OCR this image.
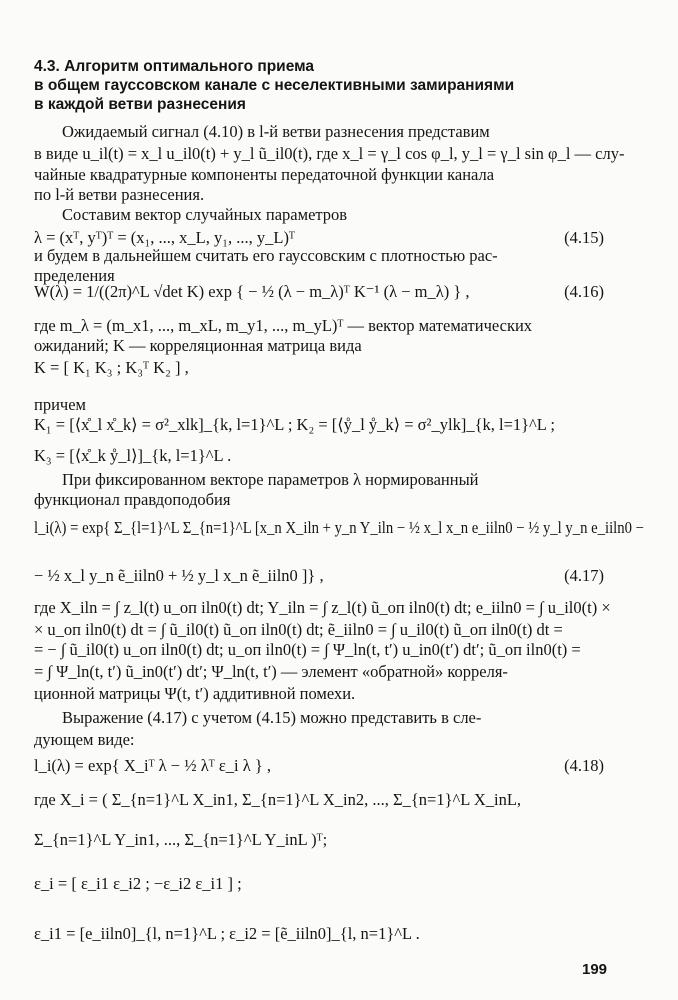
4.3. Алгоритм оптимального приема
в общем гауссовском канале с неселективными замираниями
в каждой ветви разнесения
Ожидаемый сигнал (4.10) в l-й ветви разнесения представим
в виде u_il(t) = x_l u_il0(t) + y_l ũ_il0(t), где x_l = γ_l cos φ_l, y_l = γ_l sin φ_l — слу-
чайные квадратурные компоненты передаточной функции канала
по l-й ветви разнесения.
Составим вектор случайных параметров
λ = (xᵀ, yᵀ)ᵀ = (x₁, ..., x_L, y₁, ..., y_L)ᵀ	(4.15)
и будем в дальнейшем считать его гауссовским с плотностью рас-
пределения
W(λ) = 1/((2π)^L √det K) exp { − ½ (λ − m_λ)ᵀ K⁻¹ (λ − m_λ) } ,	(4.16)
где m_λ = (m_x1, ..., m_xL, m_y1, ..., m_yL)ᵀ — вектор математических
ожиданий; K — корреляционная матрица вида
K = [ K₁ K₃ ; K₃ᵀ K₂ ] ,
причем
K₁ = [⟨x̊_l x̊_k⟩ = σ²_xlk]_{k, l=1}^L ; K₂ = [⟨ẙ_l ẙ_k⟩ = σ²_ylk]_{k, l=1}^L ;
K₃ = [⟨x̊_k ẙ_l⟩]_{k, l=1}^L .
При фиксированном векторе параметров λ нормированный
функционал правдоподобия
l_i(λ) = exp{ Σ_{l=1}^L Σ_{n=1}^L [x_n X_iln + y_n Y_iln − ½ x_l x_n e_iiln0 − ½ y_l y_n e_iiln0 −
− ½ x_l y_n ẽ_iiln0 + ½ y_l x_n ẽ_iiln0 ]} ,	(4.17)
где X_iln = ∫ z_l(t) u_оп iln0(t) dt; Y_iln = ∫ z_l(t) ũ_оп iln0(t) dt; e_iiln0 = ∫ u_il0(t) ×
× u_оп iln0(t) dt = ∫ ũ_il0(t) ũ_оп iln0(t) dt; ẽ_iiln0 = ∫ u_il0(t) ũ_оп iln0(t) dt =
= − ∫ ũ_il0(t) u_оп iln0(t) dt; u_оп iln0(t) = ∫ Ψ_ln(t, t′) u_in0(t′) dt′; ũ_оп iln0(t) =
= ∫ Ψ_ln(t, t′) ũ_in0(t′) dt′; Ψ_ln(t, t′) — элемент «обратной» корреля-
ционной матрицы Ψ(t, t′) аддитивной помехи.
Выражение (4.17) с учетом (4.15) можно представить в сле-
дующем виде:
l_i(λ) = exp{ X_iᵀ λ − ½ λᵀ ε_i λ } ,	(4.18)
где X_i = ( Σ_{n=1}^L X_in1, Σ_{n=1}^L X_in2, ..., Σ_{n=1}^L X_inL,
Σ_{n=1}^L Y_in1, ..., Σ_{n=1}^L Y_inL )ᵀ;
ε_i = [ ε_i1 ε_i2 ; −ε_i2 ε_i1 ] ;
ε_i1 = [e_iiln0]_{l, n=1}^L ; ε_i2 = [ẽ_iiln0]_{l, n=1}^L .
199
